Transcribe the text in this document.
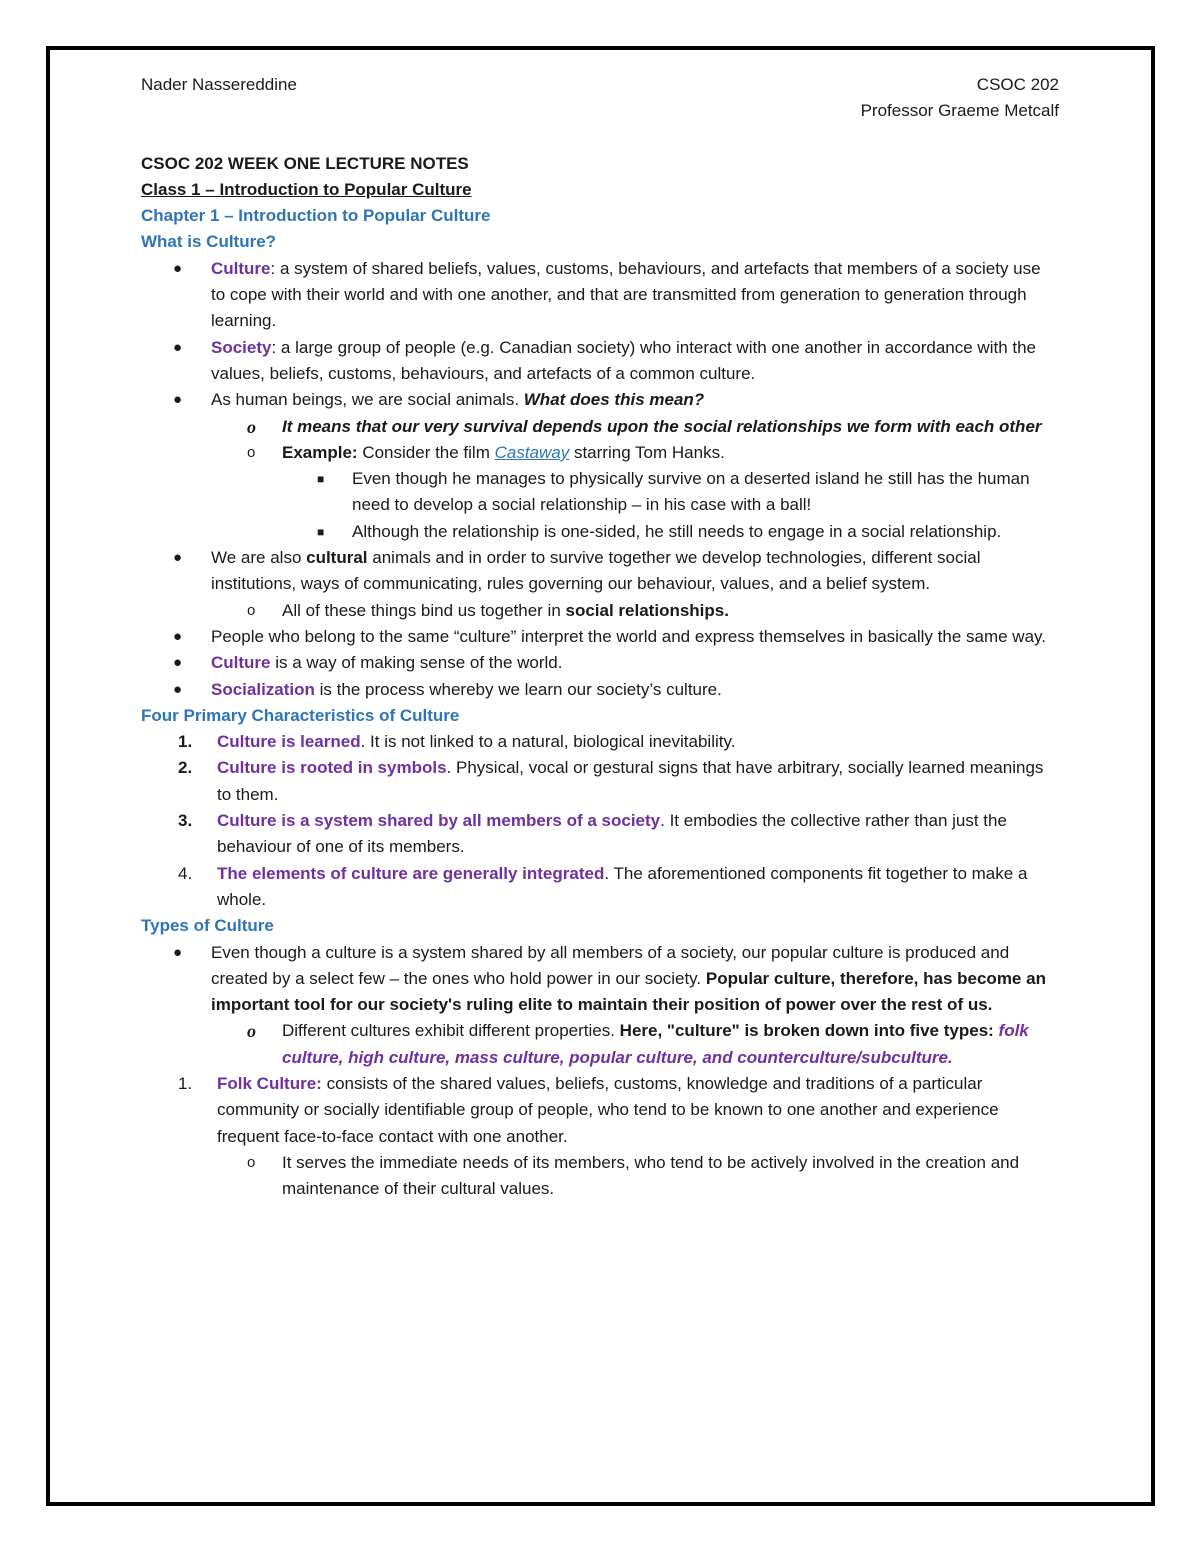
Nader Nassereddine	CSOC 202
Professor Graeme Metcalf
CSOC 202 WEEK ONE LECTURE NOTES
Class 1 – Introduction to Popular Culture
Chapter 1 – Introduction to Popular Culture
What is Culture?
● Culture: a system of shared beliefs, values, customs, behaviours, and artefacts that members of a society use to cope with their world and with one another, and that are transmitted from generation to generation through learning.
● Society: a large group of people (e.g. Canadian society) who interact with one another in accordance with the values, beliefs, customs, behaviours, and artefacts of a common culture.
● As human beings, we are social animals. What does this mean?
o It means that our very survival depends upon the social relationships we form with each other
o Example: Consider the film Castaway starring Tom Hanks.
■ Even though he manages to physically survive on a deserted island he still has the human need to develop a social relationship – in his case with a ball!
■ Although the relationship is one-sided, he still needs to engage in a social relationship.
● We are also cultural animals and in order to survive together we develop technologies, different social institutions, ways of communicating, rules governing our behaviour, values, and a belief system.
o All of these things bind us together in social relationships.
● People who belong to the same “culture” interpret the world and express themselves in basically the same way.
● Culture is a way of making sense of the world.
● Socialization is the process whereby we learn our society’s culture.
Four Primary Characteristics of Culture
1. Culture is learned. It is not linked to a natural, biological inevitability.
2. Culture is rooted in symbols. Physical, vocal or gestural signs that have arbitrary, socially learned meanings to them.
3. Culture is a system shared by all members of a society. It embodies the collective rather than just the behaviour of one of its members.
4. The elements of culture are generally integrated. The aforementioned components fit together to make a whole.
Types of Culture
● Even though a culture is a system shared by all members of a society, our popular culture is produced and created by a select few – the ones who hold power in our society. Popular culture, therefore, has become an important tool for our society's ruling elite to maintain their position of power over the rest of us.
o Different cultures exhibit different properties. Here, "culture" is broken down into five types: folk culture, high culture, mass culture, popular culture, and counterculture/subculture.
1. Folk Culture: consists of the shared values, beliefs, customs, knowledge and traditions of a particular community or socially identifiable group of people, who tend to be known to one another and experience frequent face-to-face contact with one another.
o It serves the immediate needs of its members, who tend to be actively involved in the creation and maintenance of their cultural values.
